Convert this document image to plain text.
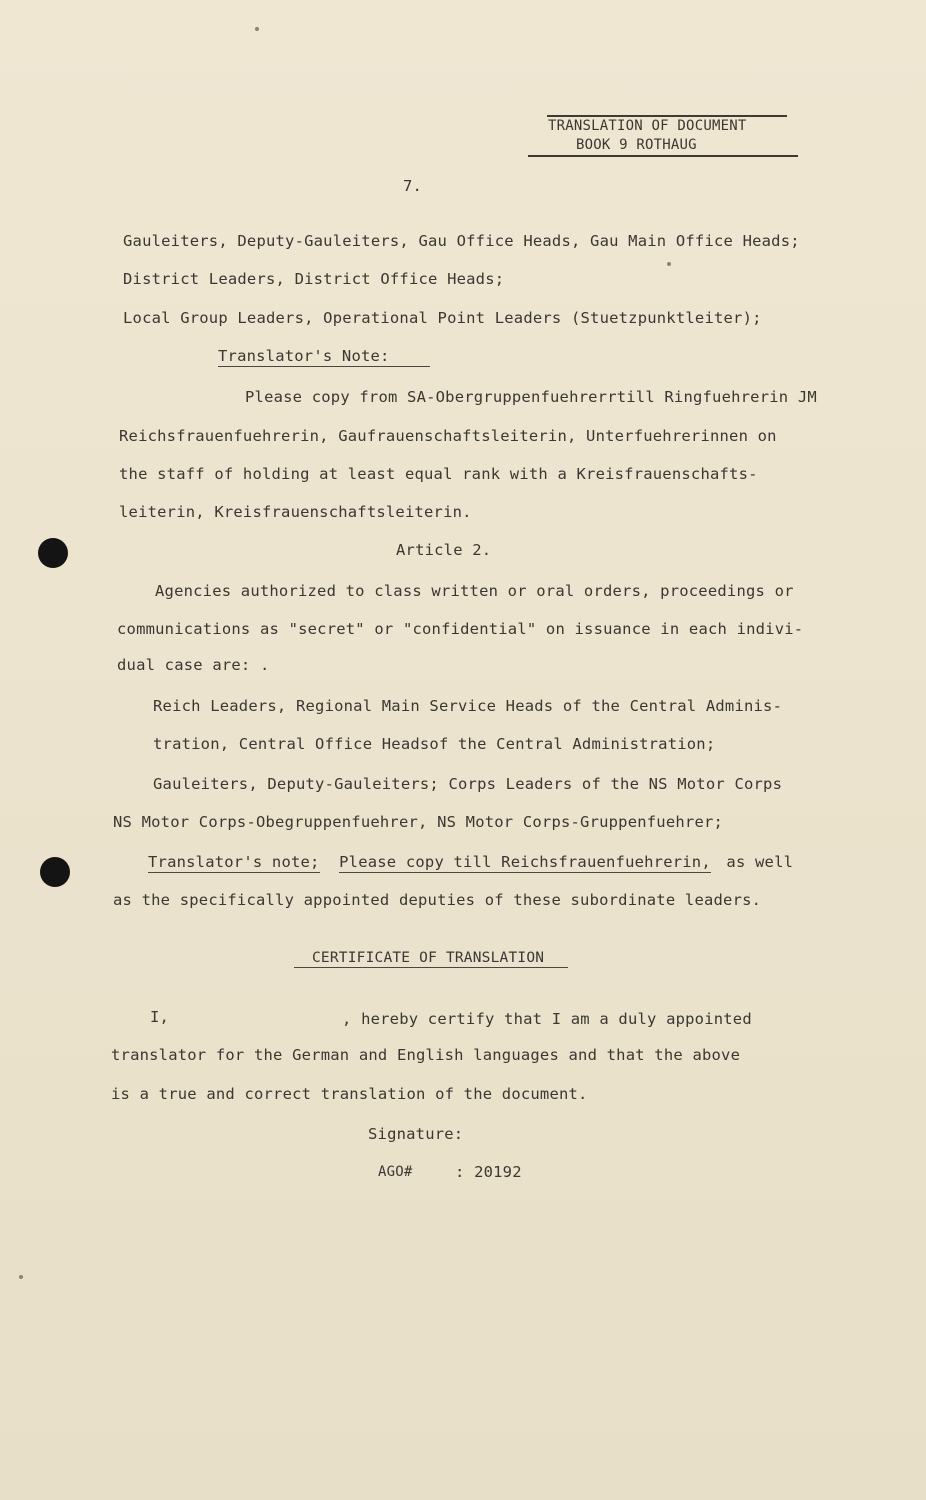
TRANSLATION OF DOCUMENT
BOOK 9 ROTHAUG
7.
Gauleiters, Deputy-Gauleiters, Gau Office Heads, Gau Main Office Heads;
District Leaders, District Office Heads;
Local Group Leaders, Operational Point Leaders (Stuetzpunktleiter);
Translator's Note:
Please copy from SA-Obergruppenfuehrerrtill Ringfuehrerin JM
Reichsfrauenfuehrerin, Gaufrauenschaftsleiterin, Unterfuehrerinnen on
the staff of holding at least equal rank with a Kreisfrauenschafts-
leiterin, Kreisfrauenschaftsleiterin.
Article 2.
Agencies authorized to class written or oral orders, proceedings or
communications as "secret" or "confidential" on issuance in each indivi-
dual case are: .
Reich Leaders, Regional Main Service Heads of the Central Adminis-
tration, Central Office Headsof the Central Administration;
Gauleiters, Deputy-Gauleiters; Corps Leaders of the NS Motor Corps
NS Motor Corps-Obegruppenfuehrer, NS Motor Corps-Gruppenfuehrer;
Translator's note; Please copy till Reichsfrauenfuehrerin, as well
as the specifically appointed deputies of these subordinate leaders.
CERTIFICATE OF TRANSLATION
I,	, hereby certify that I am a duly appointed
translator for the German and English languages and that the above
is a true and correct translation of the document.
Signature:
AGO#	: 20192
